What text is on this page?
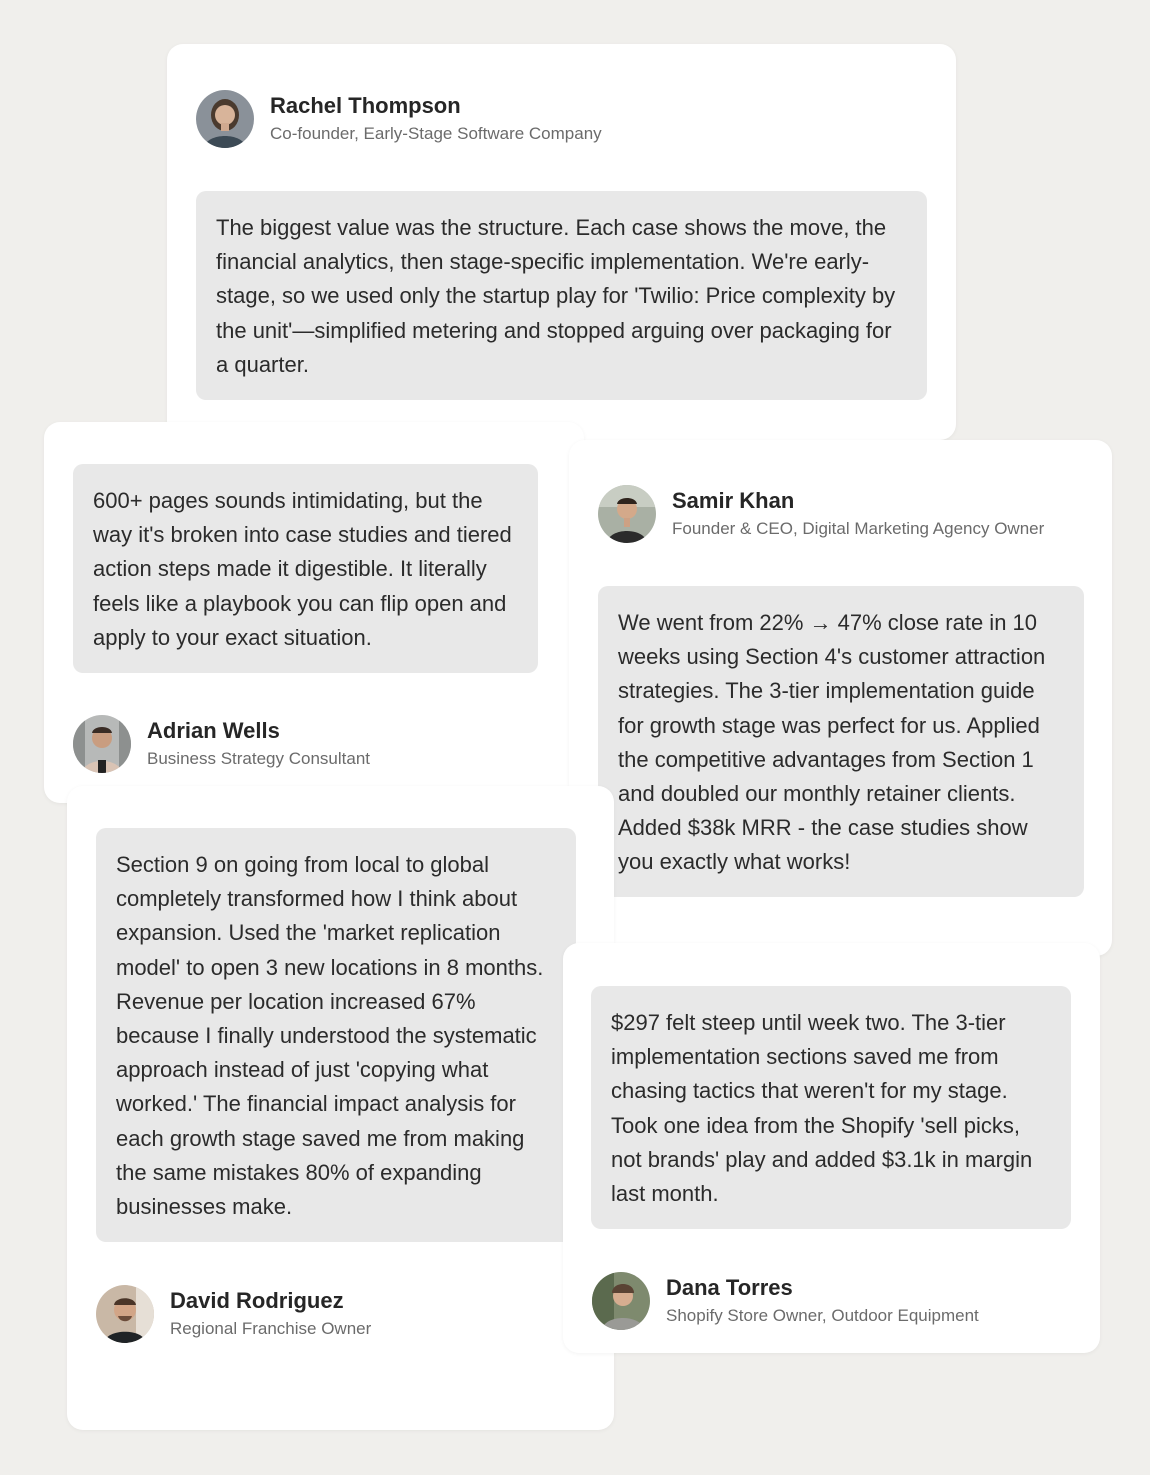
Rachel Thompson
Co-founder, Early-Stage Software Company

The biggest value was the structure. Each case shows the move, the financial analytics, then stage-specific implementation. We're early-stage, so we used only the startup play for 'Twilio: Price complexity by the unit'—simplified metering and stopped arguing over packaging for a quarter.

600+ pages sounds intimidating, but the way it's broken into case studies and tiered action steps made it digestible. It literally feels like a playbook you can flip open and apply to your exact situation.

Adrian Wells
Business Strategy Consultant
Samir Khan
Founder & CEO, Digital Marketing Agency Owner

We went from 22% → 47% close rate in 10 weeks using Section 4's customer attraction strategies. The 3-tier implementation guide for growth stage was perfect for us. Applied the competitive advantages from Section 1 and doubled our monthly retainer clients. Added $38k MRR - the case studies show you exactly what works!

Section 9 on going from local to global completely transformed how I think about expansion. Used the 'market replication model' to open 3 new locations in 8 months. Revenue per location increased 67% because I finally understood the systematic approach instead of just 'copying what worked.' The financial impact analysis for each growth stage saved me from making the same mistakes 80% of expanding businesses make.

David Rodriguez
Regional Franchise Owner

$297 felt steep until week two. The 3-tier implementation sections saved me from chasing tactics that weren't for my stage. Took one idea from the Shopify 'sell picks, not brands' play and added $3.1k in margin last month.

Dana Torres
Shopify Store Owner, Outdoor Equipment
